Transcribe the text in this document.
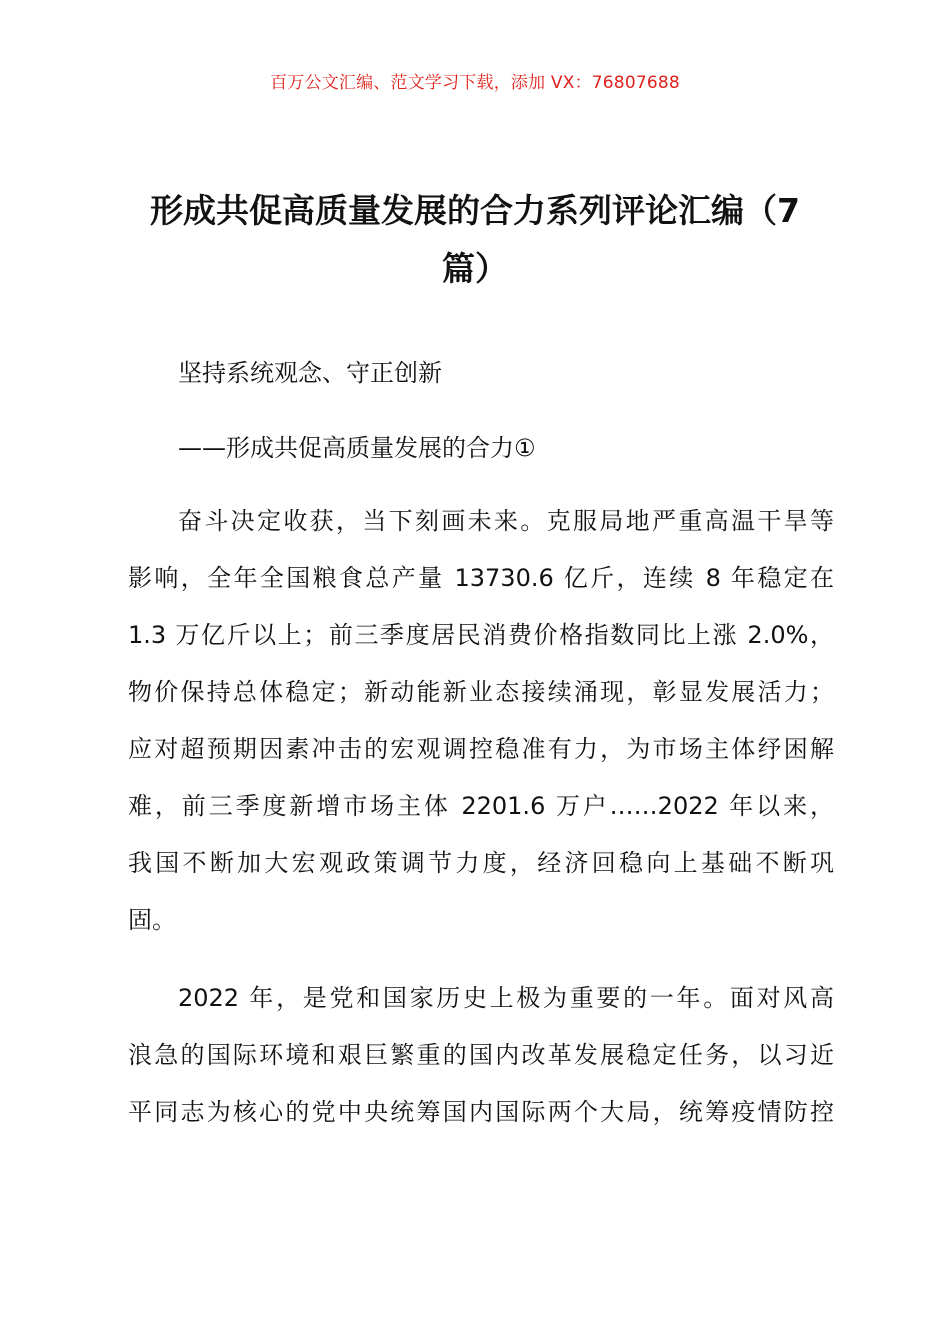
百万公文汇编、范文学习下载，添加 VX：76807688
形成共促高质量发展的合力系列评论汇编（7
篇）
坚持系统观念、守正创新
——形成共促高质量发展的合力①
奋斗决定收获，当下刻画未来。克服局地严重高温干旱等
影响，全年全国粮食总产量 13730.6 亿斤，连续 8 年稳定在
1.3 万亿斤以上；前三季度居民消费价格指数同比上涨 2.0%，
物价保持总体稳定；新动能新业态接续涌现，彰显发展活力；
应对超预期因素冲击的宏观调控稳准有力，为市场主体纾困解
难，前三季度新增市场主体 2201.6 万户……2022 年以来，
我国不断加大宏观政策调节力度，经济回稳向上基础不断巩
固。
2022 年，是党和国家历史上极为重要的一年。面对风高
浪急的国际环境和艰巨繁重的国内改革发展稳定任务，以习近
平同志为核心的党中央统筹国内国际两个大局，统筹疫情防控
